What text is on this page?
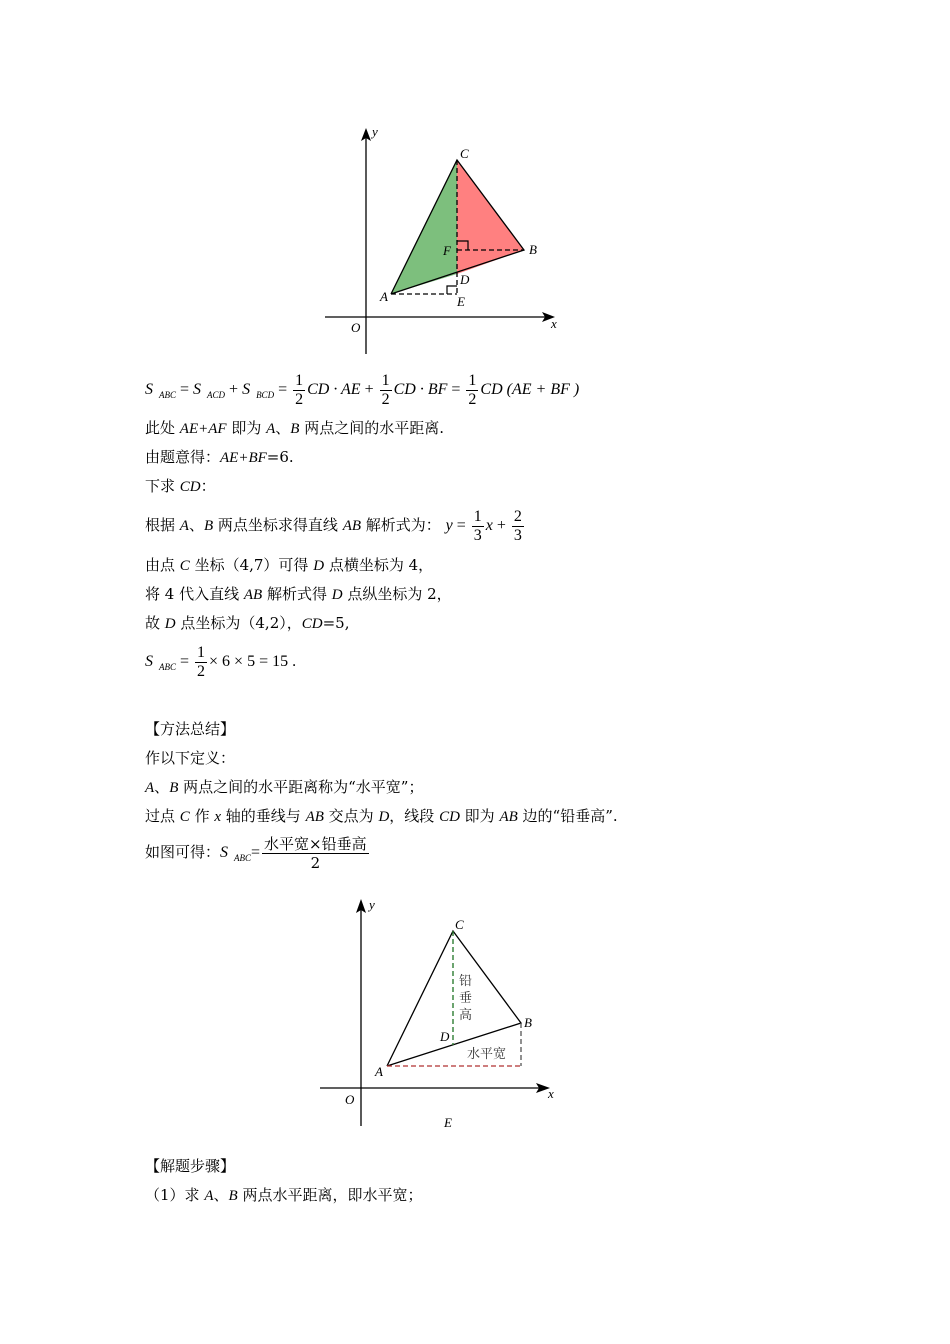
y
x
O
A
B
C
D
E
F
S $_{ABC}$ = S $_{ACD}$ + S $_{BCD} = \frac{1}{2}$ CD · AE + $\frac{1}{2}$ CD · BF = $\frac{1}{2}$ CD (AE + BF )
此处 AE+AF 即为 A、B 两点之间的水平距离.
由题意得：AE+BF=6.
下求 CD：
根据 A、B 两点坐标求得直线 AB 解析式为： $y = \frac{1}{3}$ $x + \frac{2}{3}$
由点 C 坐标（4,7）可得 D 点横坐标为 4，
将 4 代入直线 AB 解析式得 D 点纵坐标为 2，
故 D 点坐标为（4,2），CD=5,
S $_{ABC} = \frac{1}{2} \times 6 \times 5 = 15$ .
【方法总结】
作以下定义：
A、B 两点之间的水平距离称为“水平宽”；
过点 C 作 x 轴的垂线与 AB 交点为 D，线段 CD 即为 AB 边的“铅垂高”.
如图可得：S $_{ABC}= \frac{\text{水平宽×铅垂高}}{2}$
y
x
O
A
B
C
D
E
铅
垂
高
水平宽
【解题步骤】
（1）求 A、B 两点水平距离，即水平宽；
